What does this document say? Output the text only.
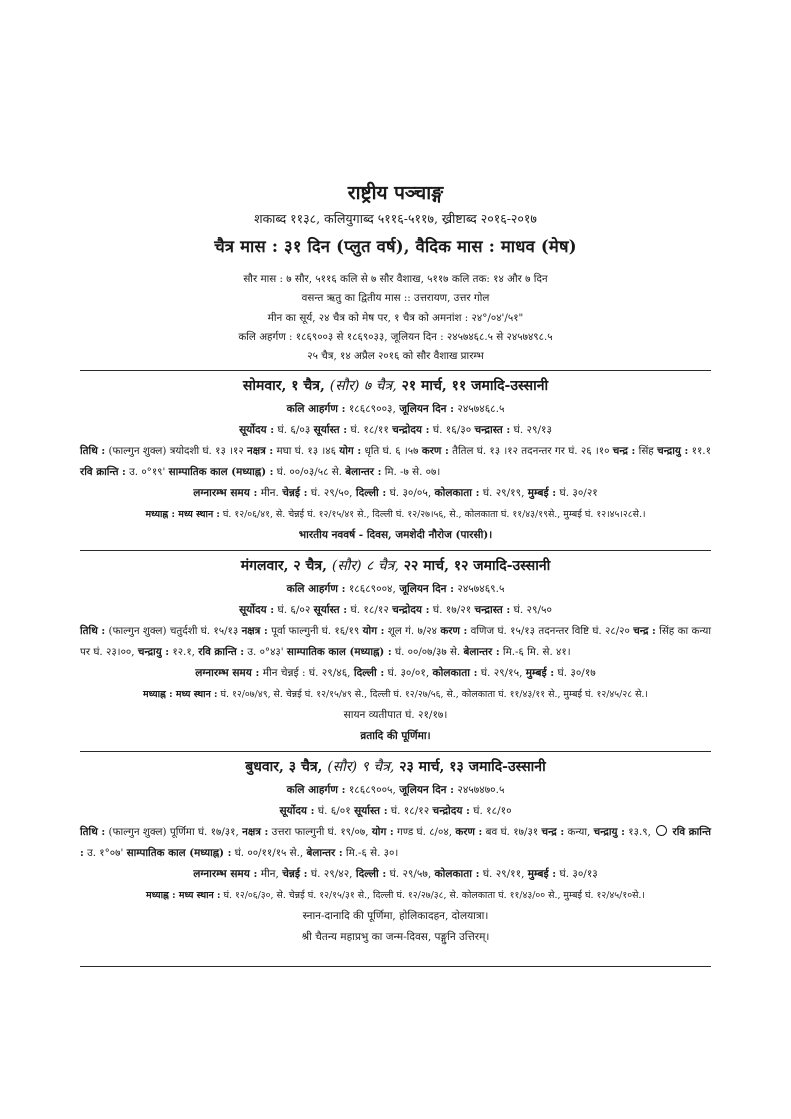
राष्ट्रीय पञ्चाङ्ग
शकाब्द ११३८, कलियुगाब्द ५११६-५११७, ख्रीष्टाब्द २०१६-२०१७
चैत्र मास : ३१ दिन (प्लुत वर्ष), वैदिक मास : माधव (मेष)
सौर मास : ७ सौर, ५११६ कलि से ७ सौर वैशाख, ५११७ कलि तक: १४ और ७ दिन
वसन्त ऋतु का द्वितीय मास :: उत्तरायण, उत्तर गोल
मीन का सूर्य, २४ चैत्र को मेष पर, १ चैत्र को अमनांश : २४°/०४'/५१"
कलि अहर्गण : १८६९००३ से १८६९०३३, जूलियन दिन : २४५७४६८.५ से २४५७४९८.५
२५ चैत्र, १४ अप्रैल २०१६ को सौर वैशाख प्रारम्भ
सोमवार, १ चैत्र, (सौर) ७ चैत्र, २१ मार्च, ११ जमादि-उस्सानी
कलि आहर्गण : १८६८९००३, जूलियन दिन : २४५७४६८.५
सूर्योदय : घं. ६/०३ सूर्यास्त : घं. १८/११ चन्द्रोदय : घं. १६/३० चन्द्रास्त : घं. २९/१३
तिथि : (फाल्गुन शुक्ल) त्रयोदशी घं. १३ ।१२ नक्षत्र : मघा घं. १३ ।४६ योग : धृति घं. ६ ।५७ करण : तैतिल घं. १३ ।१२ तदनन्तर गर घं. २६ ।१० चन्द्र : सिंह चन्द्रायु : ११.१ रवि क्रान्ति : उ. ०°१९' साम्पातिक काल (मध्याह्न) : घं. ००/०३/५८ से. बेलान्तर : मि. -७ से. ०७।
लग्नारम्भ समय : मीन. चेन्नई : घं. २९/५०, दिल्ली : घं. ३०/०५, कोलकाता : घं. २९/१९, मुम्बई : घं. ३०/२१
मध्याह्न : मध्य स्थान : घं. १२/०६/४१, से. चेन्नई घं. १२/१५/४१ से., दिल्ली घं. १२/२७।५६, से., कोलकाता घं. ११/४३/१९से., मुम्बई घं. १२।४५।२८से.।
भारतीय नववर्ष - दिवस, जमशेदी नौरोज (पारसी)।
मंगलवार, २ चैत्र, (सौर) ८ चैत्र, २२ मार्च, १२ जमादि-उस्सानी
कलि आहर्गण : १८६८९००४, जूलियन दिन : २४५७४६९.५
सूर्योदय : घं. ६/०२ सूर्यास्त : घं. १८/१२ चन्द्रोदय : घं. १७/२१ चन्द्रास्त : घं. २९/५०
तिथि : (फाल्गुन शुक्ल) चतुर्दशी घं. १५/१३ नक्षत्र : पूर्वा फाल्गुनी घं. १६/१९ योग : शूल गं. ७/२४ करण : वणिज घं. १५/१३ तदनन्तर विष्टि घं. २८/२० चन्द्र : सिंह का कन्या पर घं. २३।००, चन्द्रायु : १२.१, रवि क्रान्ति : उ. ०°४३' साम्पातिक काल (मध्याह्न) : घं. ००/०७/३७ से. बेलान्तर : मि.-६ मि. से. ४१।
लग्नारम्भ समय : मीन चेन्नई : घं. २९/४६, दिल्ली : घं. ३०/०१, कोलकाता : घं. २९/१५, मुम्बई : घं. ३०/१७
मध्याह्न : मध्य स्थान : घं. १२/०७/४९, से. चेन्नई घं. १२/१५/४९ से., दिल्ली घं. १२/२७/५६, से., कोलकाता घं. ११/४३/११ से., मुम्बई घं. १२/४५/२८ से.।
सायन व्यतीपात घं. २१/१७।
व्रतादि की पूर्णिमा।
बुधवार, ३ चैत्र, (सौर) ९ चैत्र, २३ मार्च, १३ जमादि-उस्सानी
कलि आहर्गण : १८६८९००५, जूलियन दिन : २४५७४७०.५
सूर्योदय : घं. ६/०१ सूर्यास्त : घं. १८/१२ चन्द्रोदय : घं. १८/१०
तिथि : (फाल्गुन शुक्ल) पूर्णिमा घं. १७/३१, नक्षत्र : उत्तरा फाल्गुनी घं. १९/०७, योग : गण्ड घं. ८/०४, करण : बव घं. १७/३१ चन्द्र : कन्या, चन्द्रायु : १३.९, रवि क्रान्ति : उ. १°०७' साम्पातिक काल (मध्याह्न) : घं. ००/११/१५ से., बेलान्तर : मि.-६ से. ३०।
लग्नारम्भ समय : मीन, चेन्नई : घं. २९/४२, दिल्ली : घं. २९/५७, कोलकाता : घं. २९/११, मुम्बई : घं. ३०/१३
मध्याह्न : मध्य स्थान : घं. १२/०६/३०, से. चेन्नई घं. १२/१५/३१ से., दिल्ली घं. १२/२७/३८, से. कोलकाता घं. ११/४३/०० से., मुम्बई घं. १२/४५/१०से.।
स्नान-दानादि की पूर्णिमा, होलिकादहन, दोलयात्रा।
श्री चैतन्य महाप्रभु का जन्म-दिवस, पङ्गुनि उत्तिरम्।
